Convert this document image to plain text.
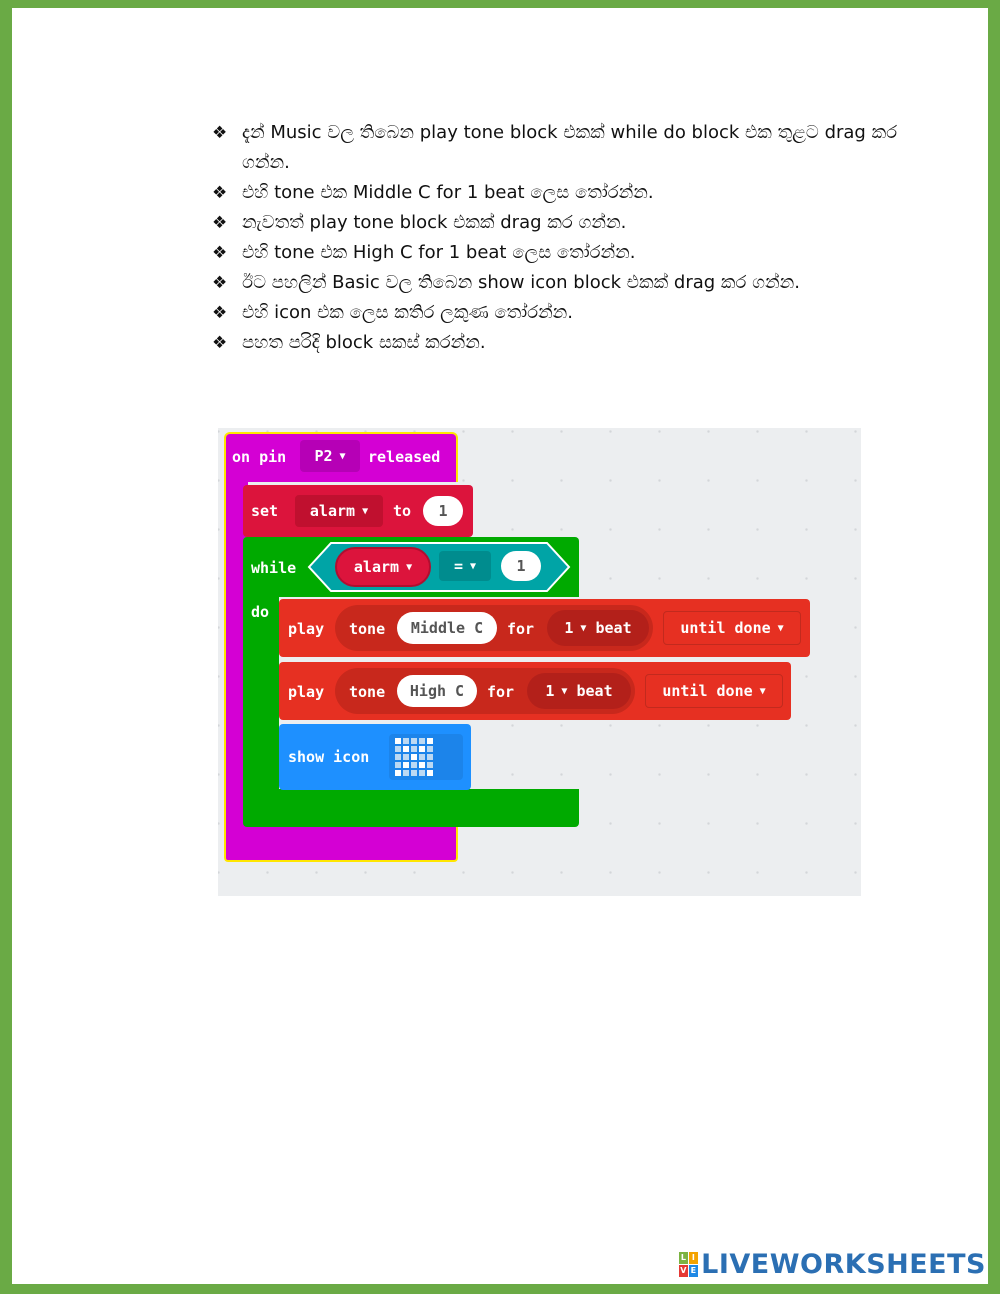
❖ දැන් Music වල තිබෙන play tone block එකක් while do block එක තුළට drag කර ගන්න.
❖ එහි tone එක Middle C for 1 beat ලෙස තෝරන්න.
❖ නැවතත් play tone block එකක් drag කර ගන්න.
❖ එහි tone එක High C for 1 beat ලෙස තෝරන්න.
❖ ඊට පහලින් Basic වල තිබෙන show icon block එකක් drag කර ගන්න.
❖ එහි icon එක ලෙස කතිර ලකුණ තෝරන්න.
❖ පහත පරිදි block සකස් කරන්න.
on pin P2 ▼ released
set alarm ▼ to	1
while
do
alarm ▼	= ▼	1
play tone	Middle C	for 1 ▼
beat	until done ▼
play tone	High C	for 1 ▼
beat	until done ▼
show icon
L I
V E LIVEWORKSHEETS
